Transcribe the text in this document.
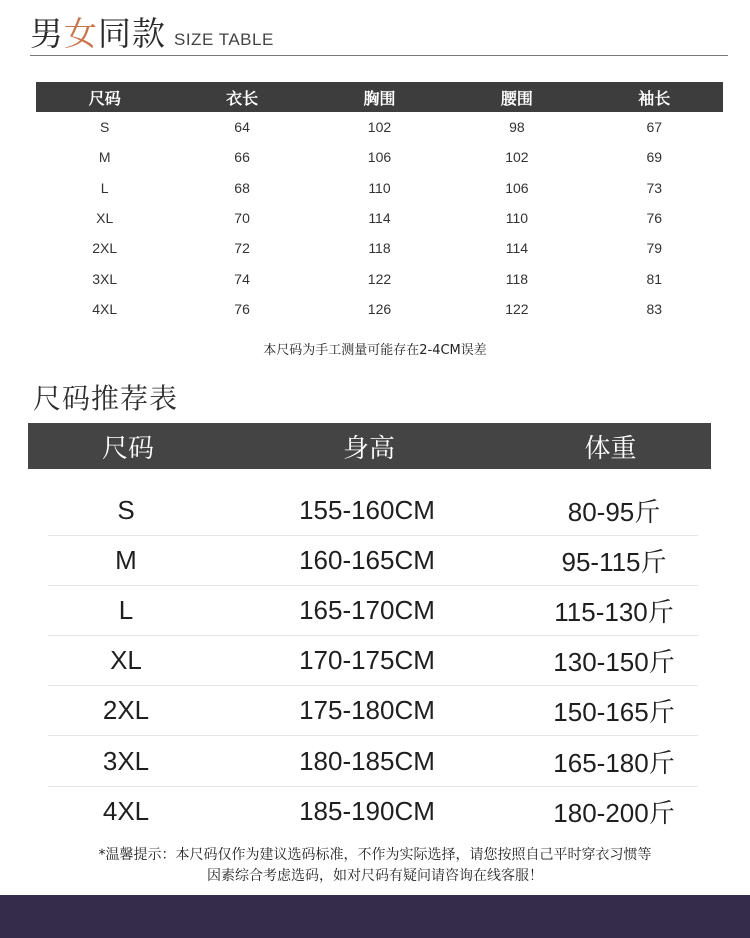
男 女 同款 SIZE TABLE
尺码	衣长	胸围	腰围	袖长
S	64	102	98	67
M	66	106	102	69
L	68	110	106	73
XL	70	114	110	76
2XL	72	118	114	79
3XL	74	122	118	81
4XL	76	126	122	83
本尺码为手工测量可能存在2-4CM误差
尺码推荐表
尺码	身高	体重
S	155-160CM	80-95斤
M	160-165CM	95-115斤
L	165-170CM	115-130斤
XL	170-175CM	130-150斤
2XL	175-180CM	150-165斤
3XL	180-185CM	165-180斤
4XL	185-190CM	180-200斤
*温馨提示：本尺码仅作为建议选码标准，不作为实际选择，请您按照自己平时穿衣习惯等
因素综合考虑选码，如对尺码有疑问请咨询在线客服！
